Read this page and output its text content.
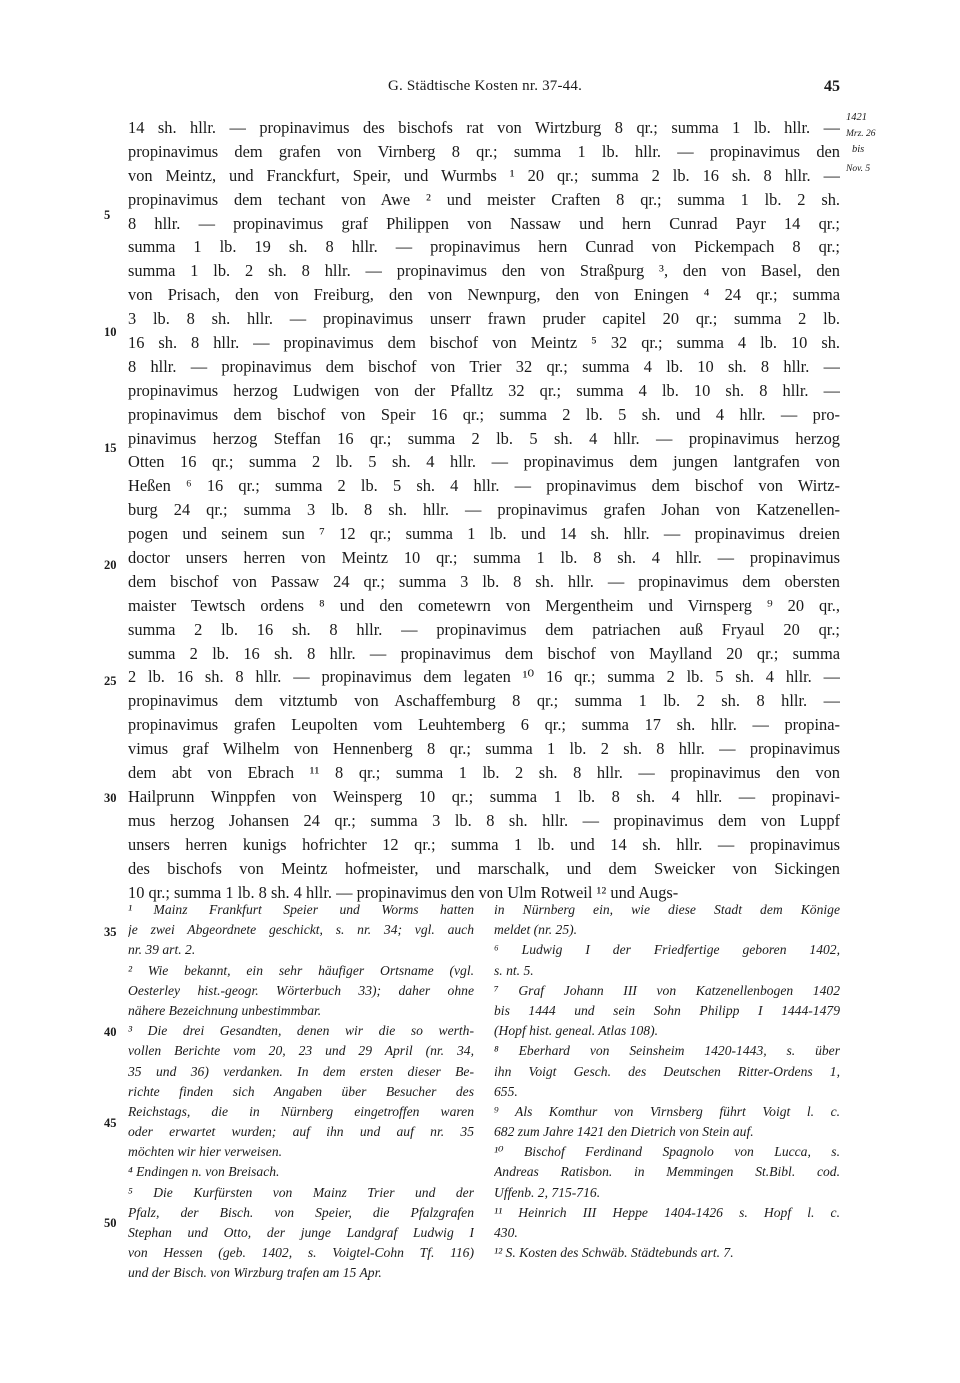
G. Städtische Kosten nr. 37-44.	45
1421
Mrz. 26
bis
Nov. 5
14 sh. hllr. — propinavimus des bischofs rat von Wirtzburg 8 qr.; summa 1 lb. hllr. —
propinavimus dem grafen von Virnberg 8 qr.; summa 1 lb. hllr. — propinavimus den
von Meintz, und Franckfurt, Speir, und Wurmbs ¹ 20 qr.; summa 2 lb. 16 sh. 8 hllr. —
propinavimus dem techant von Awe ² und meister Craften 8 qr.; summa 1 lb. 2 sh.
8 hllr. — propinavimus graf Philippen von Nassaw und hern Cunrad Payr 14 qr.;
summa 1 lb. 19 sh. 8 hllr. — propinavimus hern Cunrad von Pickempach 8 qr.;
summa 1 lb. 2 sh. 8 hllr. — propinavimus den von Straßpurg ³, den von Basel, den
von Prisach, den von Freiburg, den von Newnpurg, den von Eningen ⁴ 24 qr.; summa
3 lb. 8 sh. hllr. — propinavimus unserr frawn pruder capitel 20 qr.; summa 2 lb.
16 sh. 8 hllr. — propinavimus dem bischof von Meintz ⁵ 32 qr.; summa 4 lb. 10 sh.
8 hllr. — propinavimus dem bischof von Trier 32 qr.; summa 4 lb. 10 sh. 8 hllr. —
propinavimus herzog Ludwigen von der Pfalltz 32 qr.; summa 4 lb. 10 sh. 8 hllr. —
propinavimus dem bischof von Speir 16 qr.; summa 2 lb. 5 sh. und 4 hllr. — pro-
pinavimus herzog Steffan 16 qr.; summa 2 lb. 5 sh. 4 hllr. — propinavimus herzog
Otten 16 qr.; summa 2 lb. 5 sh. 4 hllr. — propinavimus dem jungen lantgrafen von
Heßen ⁶ 16 qr.; summa 2 lb. 5 sh. 4 hllr. — propinavimus dem bischof von Wirtz-
burg 24 qr.; summa 3 lb. 8 sh. hllr. — propinavimus grafen Johan von Katzenellen-
pogen und seinem sun ⁷ 12 qr.; summa 1 lb. und 14 sh. hllr. — propinavimus dreien
doctor unsers herren von Meintz 10 qr.; summa 1 lb. 8 sh. 4 hllr. — propinavimus
dem bischof von Passaw 24 qr.; summa 3 lb. 8 sh. hllr. — propinavimus dem obersten
maister Tewtsch ordens ⁸ und den cometewrn von Mergentheim und Virnsperg ⁹ 20 qr.,
summa 2 lb. 16 sh. 8 hllr. — propinavimus dem patriachen auß Fryaul 20 qr.;
summa 2 lb. 16 sh. 8 hllr. — propinavimus dem bischof von Maylland 20 qr.; summa
2 lb. 16 sh. 8 hllr. — propinavimus dem legaten ¹⁰ 16 qr.; summa 2 lb. 5 sh. 4 hllr. —
propinavimus dem vitztumb von Aschaffemburg 8 qr.; summa 1 lb. 2 sh. 8 hllr. —
propinavimus grafen Leupolten vom Leuhtemberg 6 qr.; summa 17 sh. hllr. — propina-
vimus graf Wilhelm von Hennenberg 8 qr.; summa 1 lb. 2 sh. 8 hllr. — propinavimus
dem abt von Ebrach ¹¹ 8 qr.; summa 1 lb. 2 sh. 8 hllr. — propinavimus den von
Hailprunn Winppfen von Weinsperg 10 qr.; summa 1 lb. 8 sh. 4 hllr. — propinavi-
mus herzog Johansen 24 qr.; summa 3 lb. 8 sh. hllr. — propinavimus dem von Luppf
unsers herren kunigs hofrichter 12 qr.; summa 1 lb. und 14 sh. hllr. — propinavimus
des bischofs von Meintz hofmeister, und marschalk, und dem Sweicker von Sickingen
10 qr.; summa 1 lb. 8 sh. 4 hllr. — propinavimus den von Ulm Rotweil ¹² und Augs-
5
10
15
20
25
30
35
40
45
50
¹ Mainz Frankfurt Speier und Worms hatten
je zwei Abgeordnete geschickt, s. nr. 34; vgl. auch
nr. 39 art. 2.
² Wie bekannt, ein sehr häufiger Ortsname (vgl.
Oesterley hist.-geogr. Wörterbuch 33); daher ohne
nähere Bezeichnung unbestimmbar.
³ Die drei Gesandten, denen wir die so werth-
vollen Berichte vom 20, 23 und 29 April (nr. 34,
35 und 36) verdanken. In dem ersten dieser Be-
richte finden sich Angaben über Besucher des
Reichstags, die in Nürnberg eingetroffen waren
oder erwartet wurden; auf ihn und auf nr. 35
möchten wir hier verweisen.
⁴ Endingen n. von Breisach.
⁵ Die Kurfürsten von Mainz Trier und der
Pfalz, der Bisch. von Speier, die Pfalzgrafen
Stephan und Otto, der junge Landgraf Ludwig I
von Hessen (geb. 1402, s. Voigtel-Cohn Tf. 116)
und der Bisch. von Wirzburg trafen am 15 Apr.
in Nürnberg ein, wie diese Stadt dem Könige
meldet (nr. 25).
⁶ Ludwig I der Friedfertige geboren 1402,
s. nt. 5.
⁷ Graf Johann III von Katzenellenbogen 1402
bis 1444 und sein Sohn Philipp I 1444-1479
(Hopf hist. geneal. Atlas 108).
⁸ Eberhard von Seinsheim 1420-1443, s. über
ihn Voigt Gesch. des Deutschen Ritter-Ordens 1,
655.
⁹ Als Komthur von Virnsberg führt Voigt l. c.
682 zum Jahre 1421 den Dietrich von Stein auf.
¹⁰ Bischof Ferdinand Spagnolo von Lucca, s.
Andreas Ratisbon. in Memmingen St.Bibl. cod.
Uffenb. 2, 715-716.
¹¹ Heinrich III Heppe 1404-1426 s. Hopf l. c.
430.
¹² S. Kosten des Schwäb. Städtebunds art. 7.
